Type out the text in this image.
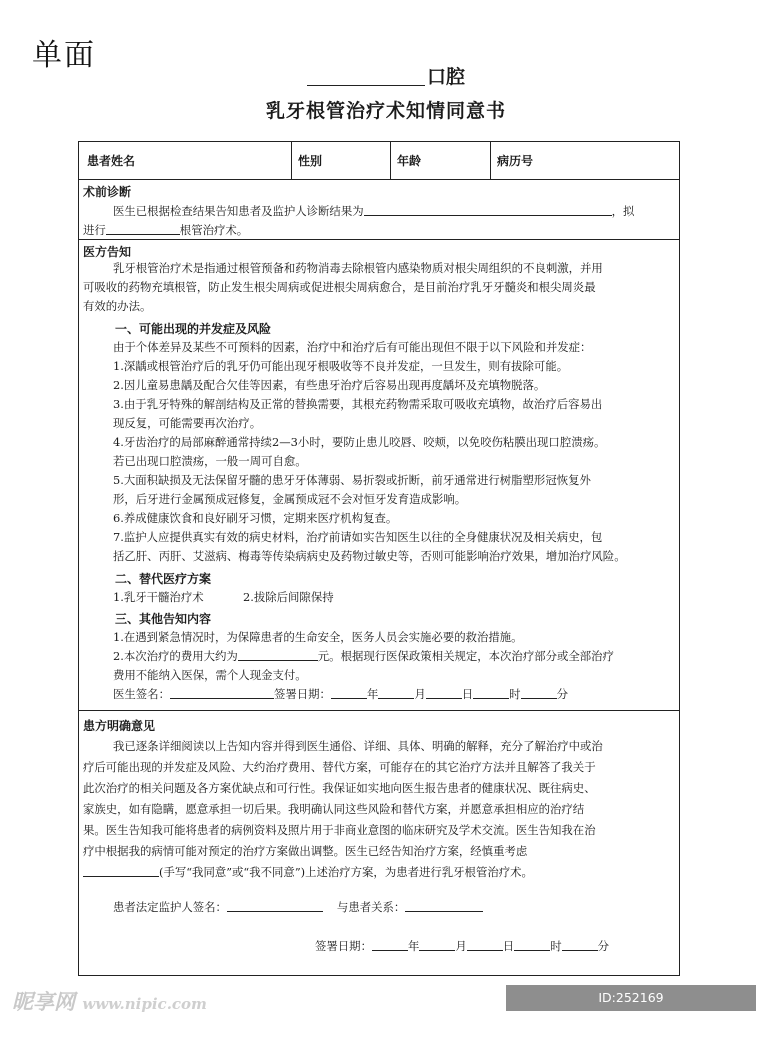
单面
口腔
乳牙根管治疗术知情同意书
患者姓名	性别	年龄	病历号
术前诊断
医生已根据检查结果告知患者及监护人诊断结果为	，拟
进行	根管治疗术。
医方告知
乳牙根管治疗术是指通过根管预备和药物消毒去除根管内感染物质对根尖周组织的不良刺激，并用
可吸收的药物充填根管，防止发生根尖周病或促进根尖周病愈合，是目前治疗乳牙牙髓炎和根尖周炎最
有效的办法。
一、可能出现的并发症及风险
由于个体差异及某些不可预料的因素，治疗中和治疗后有可能出现但不限于以下风险和并发症：
1.深龋或根管治疗后的乳牙仍可能出现牙根吸收等不良并发症，一旦发生，则有拔除可能。
2.因儿童易患龋及配合欠佳等因素，有些患牙治疗后容易出现再度龋坏及充填物脱落。
3.由于乳牙特殊的解剖结构及正常的替换需要，其根充药物需采取可吸收充填物，故治疗后容易出
现反复，可能需要再次治疗。
4.牙齿治疗的局部麻醉通常持续2—3小时，要防止患儿咬唇、咬颊，以免咬伤粘膜出现口腔溃疡。
若已出现口腔溃疡，一般一周可自愈。
5.大面积缺损及无法保留牙髓的患牙牙体薄弱、易折裂或折断，前牙通常进行树脂塑形冠恢复外
形，后牙进行金属预成冠修复，金属预成冠不会对恒牙发育造成影响。
6.养成健康饮食和良好刷牙习惯，定期来医疗机构复查。
7.监护人应提供真实有效的病史材料，治疗前请如实告知医生以往的全身健康状况及相关病史，包
括乙肝、丙肝、艾滋病、梅毒等传染病病史及药物过敏史等，否则可能影响治疗效果，增加治疗风险。
二、替代医疗方案
1.乳牙干髓治疗术	2.拔除后间隙保持
三、其他告知内容
1.在遇到紧急情况时，为保障患者的生命安全，医务人员会实施必要的救治措施。
2.本次治疗的费用大约为	元。根据现行医保政策相关规定，本次治疗部分或全部治疗
费用不能纳入医保，需个人现金支付。
医生签名：	签署日期：	年	月	日	时	分
患方明确意见
我已逐条详细阅读以上告知内容并得到医生通俗、详细、具体、明确的解释，充分了解治疗中或治
疗后可能出现的并发症及风险、大约治疗费用、替代方案，可能存在的其它治疗方法并且解答了我关于
此次治疗的相关问题及各方案优缺点和可行性。我保证如实地向医生报告患者的健康状况、既往病史、
家族史，如有隐瞒，愿意承担一切后果。我明确认同这些风险和替代方案，并愿意承担相应的治疗结
果。医生告知我可能将患者的病例资料及照片用于非商业意图的临床研究及学术交流。医生告知我在治
疗中根据我的病情可能对预定的治疗方案做出调整。医生已经告知治疗方案，经慎重考虑
(手写“我同意”或“我不同意”)上述治疗方案，为患者进行乳牙根管治疗术。
患者法定监护人签名：	与患者关系：
签署日期：	年	月	日	时	分
昵享网 www.nipic.com	ID:252169 NO:20260808084906555105
